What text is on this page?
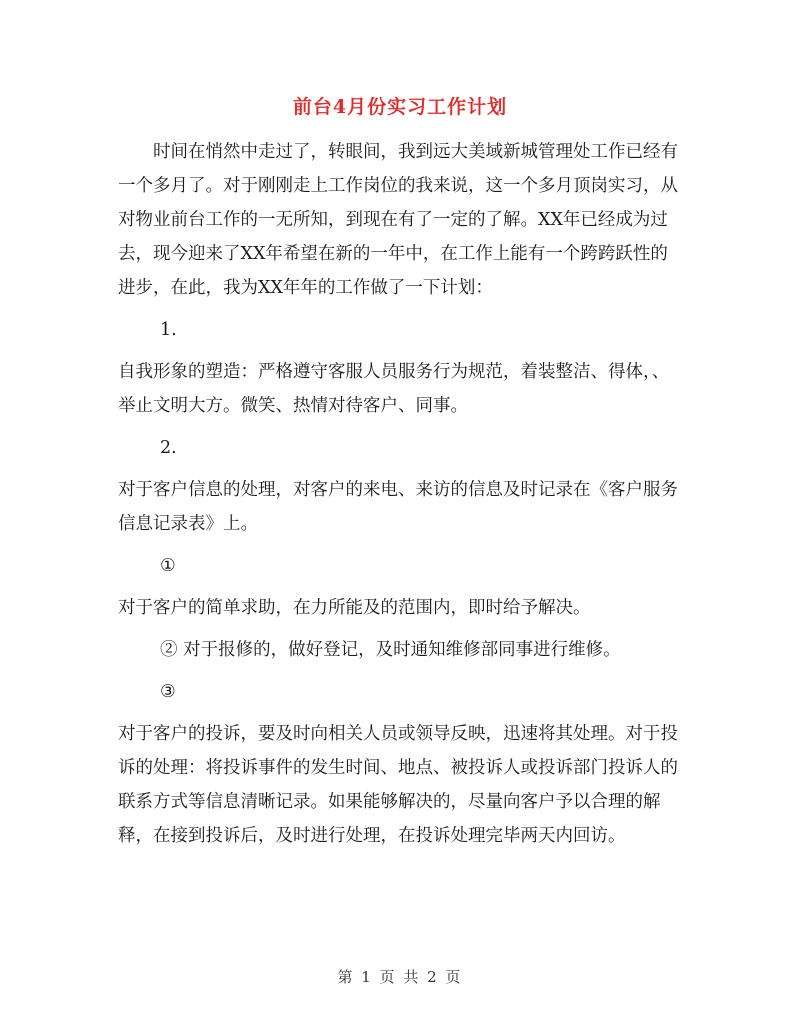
前台4月份实习工作计划

时间在悄然中走过了，转眼间，我到远大美域新城管理处工作已经有一个多月了。对于刚刚走上工作岗位的我来说，这一个多月顶岗实习，从对物业前台工作的一无所知，到现在有了一定的了解。XX年已经成为过去，现今迎来了XX年希望在新的一年中，在工作上能有一个跨跨跃性的进步，在此，我为XX年年的工作做了一下计划：

1.

自我形象的塑造：严格遵守客服人员服务行为规范，着装整洁、得体，、举止文明大方。微笑、热情对待客户、同事。

2.

对于客户信息的处理，对客户的来电、来访的信息及时记录在《客户服务信息记录表》上。

①

对于客户的简单求助，在力所能及的范围内，即时给予解决。

② 对于报修的，做好登记，及时通知维修部同事进行维修。

③

对于客户的投诉，要及时向相关人员或领导反映，迅速将其处理。对于投诉的处理：将投诉事件的发生时间、地点、被投诉人或投诉部门投诉人的联系方式等信息清晰记录。如果能够解决的，尽量向客户予以合理的解释，在接到投诉后，及时进行处理，在投诉处理完毕两天内回访。

第 1 页 共 2 页
